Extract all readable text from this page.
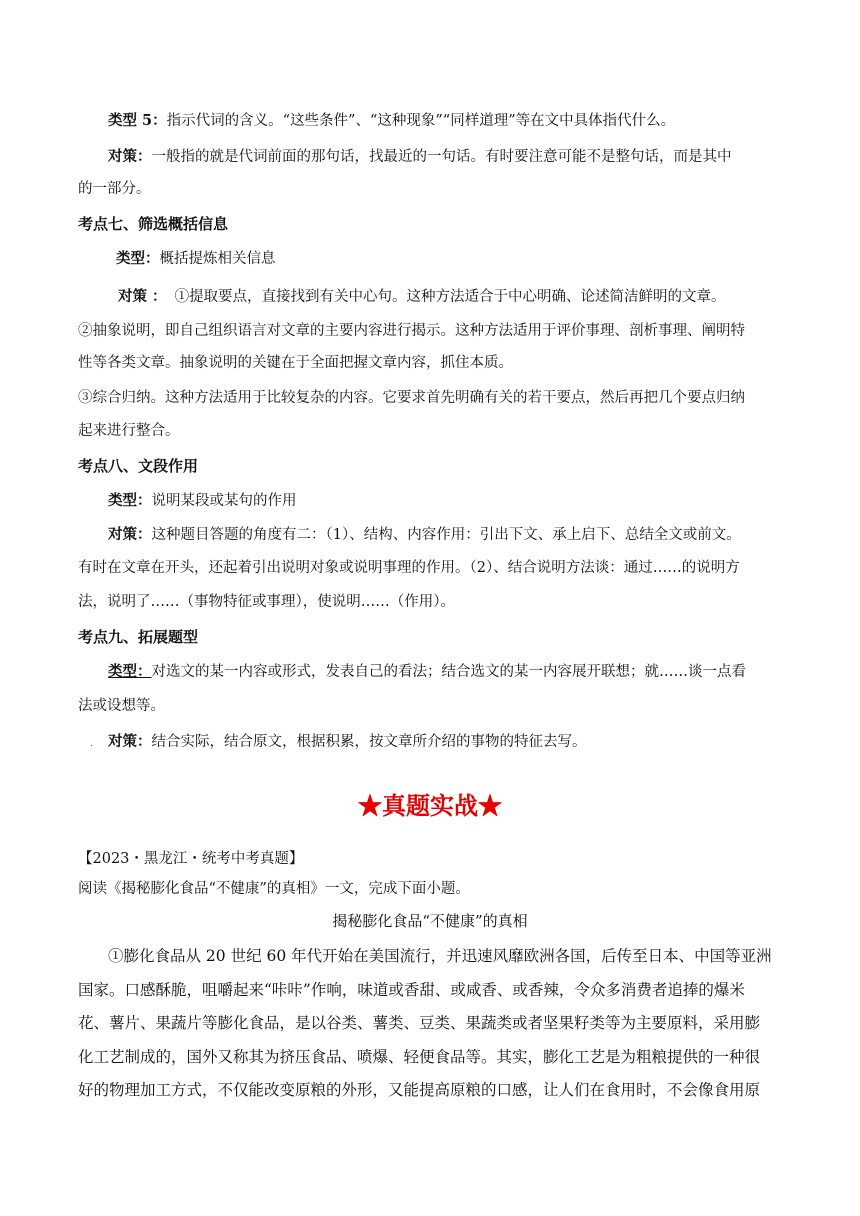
类型 5：指示代词的含义。“这些条件”、“这种现象”“同样道理”等在文中具体指代什么。
对策：一般指的就是代词前面的那句话，找最近的一句话。有时要注意可能不是整句话，而是其中
的一部分。
考点七、筛选概括信息
类型：概括提炼相关信息
对策 ： ①提取要点，直接找到有关中心句。这种方法适合于中心明确、论述简洁鲜明的文章。
②抽象说明，即自己组织语言对文章的主要内容进行揭示。这种方法适用于评价事理、剖析事理、阐明特
性等各类文章。抽象说明的关键在于全面把握文章内容，抓住本质。
③综合归纳。这种方法适用于比较复杂的内容。它要求首先明确有关的若干要点，然后再把几个要点归纳
起来进行整合。
考点八、文段作用
类型：说明某段或某句的作用
对策：这种题目答题的角度有二：（1）、结构、内容作用：引出下文、承上启下、总结全文或前文。
有时在文章在开头，还起着引出说明对象或说明事理的作用。（2）、结合说明方法谈：通过……的说明方
法，说明了……（事物特征或事理），使说明……（作用）。
考点九、拓展题型
类型：对选文的某一内容或形式，发表自己的看法；结合选文的某一内容展开联想；就……谈一点看
法或设想等。
. 对策：结合实际，结合原文，根据积累，按文章所介绍的事物的特征去写。
★真题实战★
【2023・黑龙江・统考中考真题】
阅读《揭秘膨化食品“不健康”的真相》一文，完成下面小题。
揭秘膨化食品“不健康”的真相
①膨化食品从 20 世纪 60 年代开始在美国流行，并迅速风靡欧洲各国，后传至日本、中国等亚洲
国家。口感酥脆，咀嚼起来“咔咔”作响，味道或香甜、或咸香、或香辣，令众多消费者追捧的爆米
花、薯片、果蔬片等膨化食品，是以谷类、薯类、豆类、果蔬类或者坚果籽类等为主要原料，采用膨
化工艺制成的，国外又称其为挤压食品、喷爆、轻便食品等。其实，膨化工艺是为粗粮提供的一种很
好的物理加工方式，不仅能改变原粮的外形，又能提高原粮的口感，让人们在食用时，不会像食用原
